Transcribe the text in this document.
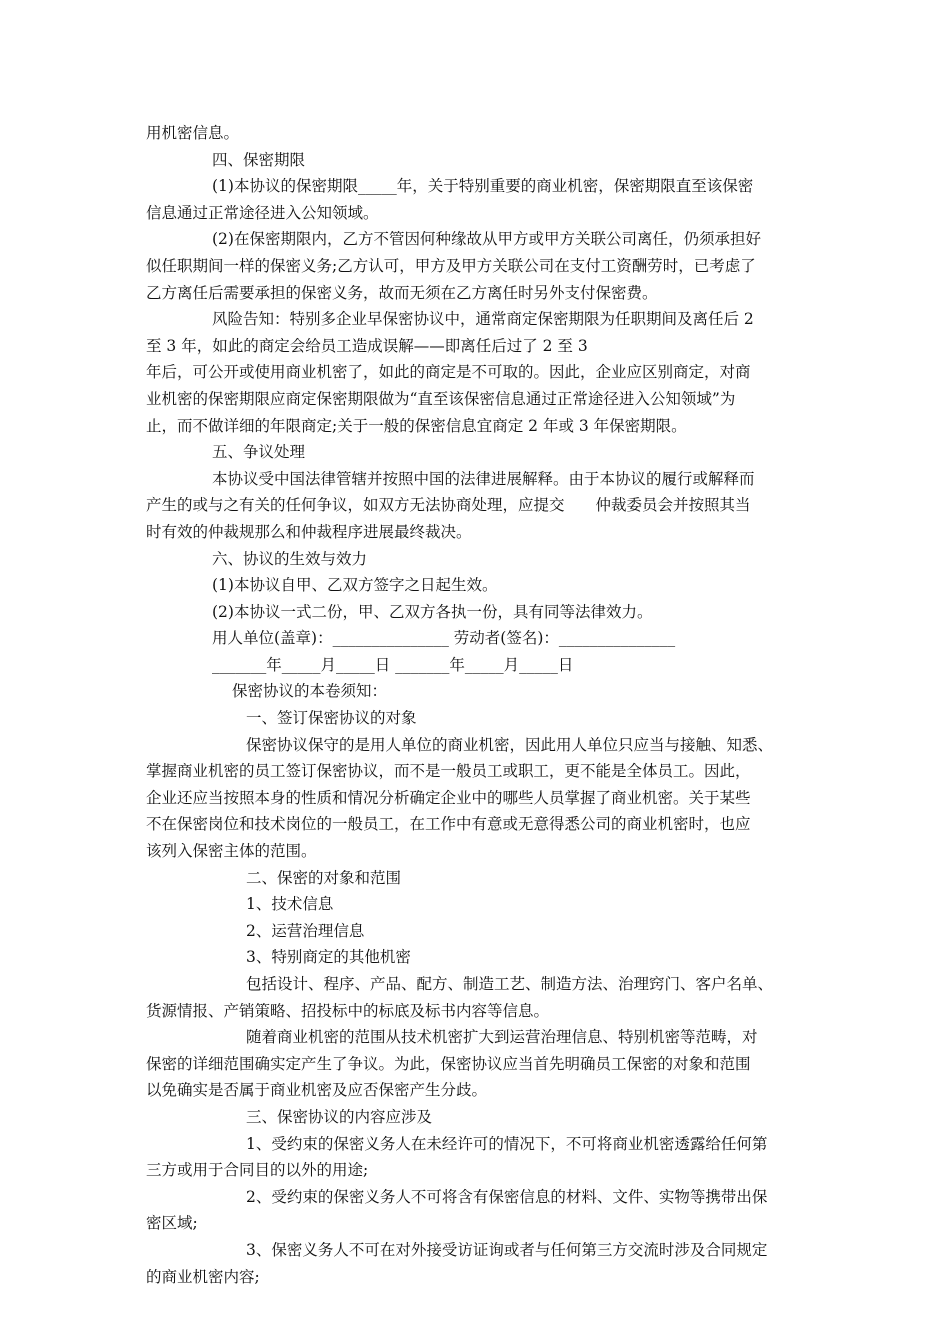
用机密信息。

四、保密期限

(1)本协议的保密期限_____年，关于特别重要的商业机密，保密期限直至该保密

信息通过正常途径进入公知领域。

(2)在保密期限内，乙方不管因何种缘故从甲方或甲方关联公司离任，仍须承担好

似任职期间一样的保密义务;乙方认可，甲方及甲方关联公司在支付工资酬劳时，已考虑了

乙方离任后需要承担的保密义务，故而无须在乙方离任时另外支付保密费。

风险告知：特别多企业早保密协议中，通常商定保密期限为任职期间及离任后 2

至 3 年，如此的商定会给员工造成误解——即离任后过了 2 至 3

年后，可公开或使用商业机密了，如此的商定是不可取的。因此，企业应区别商定，对商

业机密的保密期限应商定保密期限做为“直至该保密信息通过正常途径进入公知领域”为

止，而不做详细的年限商定;关于一般的保密信息宜商定 2 年或 3 年保密期限。

五、争议处理

本协议受中国法律管辖并按照中国的法律进展解释。由于本协议的履行或解释而

产生的或与之有关的任何争议，如双方无法协商处理，应提交　　仲裁委员会并按照其当

时有效的仲裁规那么和仲裁程序进展最终裁决。

六、协议的生效与效力

(1)本协议自甲、乙双方签字之日起生效。

(2)本协议一式二份，甲、乙双方各执一份，具有同等法律效力。

用人单位(盖章)：_______________ 劳动者(签名)：_______________

_______年_____月_____日 _______年_____月_____日

保密协议的本卷须知：

一、签订保密协议的对象

保密协议保守的是用人单位的商业机密，因此用人单位只应当与接触、知悉、

掌握商业机密的员工签订保密协议，而不是一般员工或职工，更不能是全体员工。因此，

企业还应当按照本身的性质和情况分析确定企业中的哪些人员掌握了商业机密。关于某些

不在保密岗位和技术岗位的一般员工，在工作中有意或无意得悉公司的商业机密时，也应

该列入保密主体的范围。

二、保密的对象和范围

1、技术信息

2、运营治理信息

3、特别商定的其他机密

包括设计、程序、产品、配方、制造工艺、制造方法、治理窍门、客户名单、

货源情报、产销策略、招投标中的标底及标书内容等信息。

随着商业机密的范围从技术机密扩大到运营治理信息、特别机密等范畴，对

保密的详细范围确实定产生了争议。为此，保密协议应当首先明确员工保密的对象和范围

以免确实是否属于商业机密及应否保密产生分歧。

三、保密协议的内容应涉及

1、受约束的保密义务人在未经许可的情况下，不可将商业机密透露给任何第

三方或用于合同目的以外的用途;

2、受约束的保密义务人不可将含有保密信息的材料、文件、实物等携带出保

密区域;

3、保密义务人不可在对外接受访证询或者与任何第三方交流时涉及合同规定

的商业机密内容;
